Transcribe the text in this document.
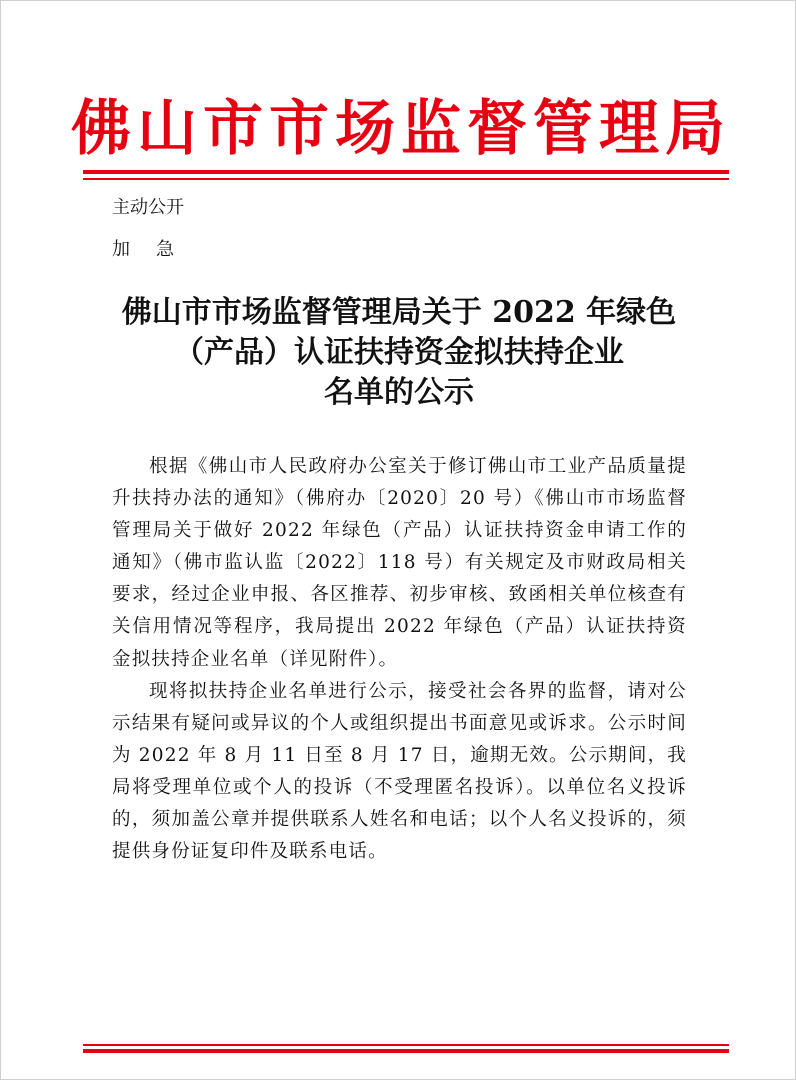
佛山市市场监督管理局
主动公开
加 急
佛山市市场监督管理局关于 2022 年绿色
（产品）认证扶持资金拟扶持企业
名单的公示

根据《佛山市人民政府办公室关于修订佛山市工业产品质量提升扶持办法的通知》（佛府办〔2020〕20 号）《佛山市市场监督管理局关于做好 2022 年绿色（产品）认证扶持资金申请工作的通知》（佛市监认监〔2022〕118 号）有关规定及市财政局相关要求，经过企业申报、各区推荐、初步审核、致函相关单位核查有关信用情况等程序，我局提出 2022 年绿色（产品）认证扶持资金拟扶持企业名单（详见附件）。

现将拟扶持企业名单进行公示，接受社会各界的监督，请对公示结果有疑问或异议的个人或组织提出书面意见或诉求。公示时间为 2022 年 8 月 11 日至 8 月 17 日，逾期无效。公示期间，我局将受理单位或个人的投诉（不受理匿名投诉）。以单位名义投诉的，须加盖公章并提供联系人姓名和电话；以个人名义投诉的，须提供身份证复印件及联系电话。
